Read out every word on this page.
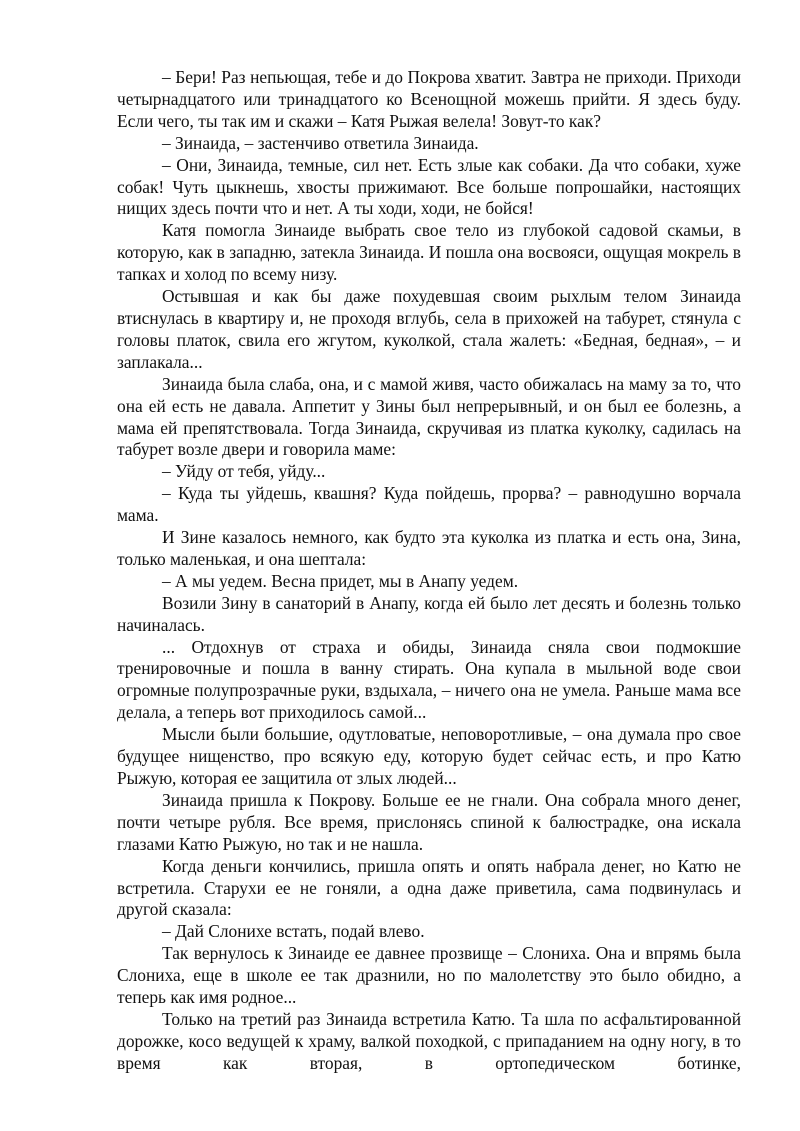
– Бери! Раз непьющая, тебе и до Покрова хватит. Завтра не приходи. Приходи четырнадцатого или тринадцатого ко Всенощной можешь прийти. Я здесь буду. Если чего, ты так им и скажи – Катя Рыжая велела! Зовут-то как?

– Зинаида, – застенчиво ответила Зинаида.

– Они, Зинаида, темные, сил нет. Есть злые как собаки. Да что собаки, хуже собак! Чуть цыкнешь, хвосты прижимают. Все больше попрошайки, настоящих нищих здесь почти что и нет. А ты ходи, ходи, не бойся!

Катя помогла Зинаиде выбрать свое тело из глубокой садовой скамьи, в которую, как в западню, затекла Зинаида. И пошла она восвояси, ощущая мокрель в тапках и холод по всему низу.

Остывшая и как бы даже похудевшая своим рыхлым телом Зинаида втиснулась в квартиру и, не проходя вглубь, села в прихожей на табурет, стянула с головы платок, свила его жгутом, куколкой, стала жалеть: «Бедная, бедная», – и заплакала...

Зинаида была слаба, она, и с мамой живя, часто обижалась на маму за то, что она ей есть не давала. Аппетит у Зины был непрерывный, и он был ее болезнь, а мама ей препятствовала. Тогда Зинаида, скручивая из платка куколку, садилась на табурет возле двери и говорила маме:

– Уйду от тебя, уйду...

– Куда ты уйдешь, квашня? Куда пойдешь, прорва? – равнодушно ворчала мама.

И Зине казалось немного, как будто эта куколка из платка и есть она, Зина, только маленькая, и она шептала:

– А мы уедем. Весна придет, мы в Анапу уедем.

Возили Зину в санаторий в Анапу, когда ей было лет десять и болезнь только начиналась.

... Отдохнув от страха и обиды, Зинаида сняла свои подмокшие тренировочные и пошла в ванну стирать. Она купала в мыльной воде свои огромные полупрозрачные руки, вздыхала, – ничего она не умела. Раньше мама все делала, а теперь вот приходилось самой...

Мысли были большие, одутловатые, неповоротливые, – она думала про свое будущее нищенство, про всякую еду, которую будет сейчас есть, и про Катю Рыжую, которая ее защитила от злых людей...

Зинаида пришла к Покрову. Больше ее не гнали. Она собрала много денег, почти четыре рубля. Все время, прислонясь спиной к балюстрадке, она искала глазами Катю Рыжую, но так и не нашла.

Когда деньги кончились, пришла опять и опять набрала денег, но Катю не встретила. Старухи ее не гоняли, а одна даже приветила, сама подвинулась и другой сказала:

– Дай Слонихе встать, подай влево.

Так вернулось к Зинаиде ее давнее прозвище – Слониха. Она и впрямь была Слониха, еще в школе ее так дразнили, но по малолетству это было обидно, а теперь как имя родное...

Только на третий раз Зинаида встретила Катю. Та шла по асфальтированной дорожке, косо ведущей к храму, валкой походкой, с припаданием на одну ногу, в то время как вторая, в ортопедическом ботинке,
